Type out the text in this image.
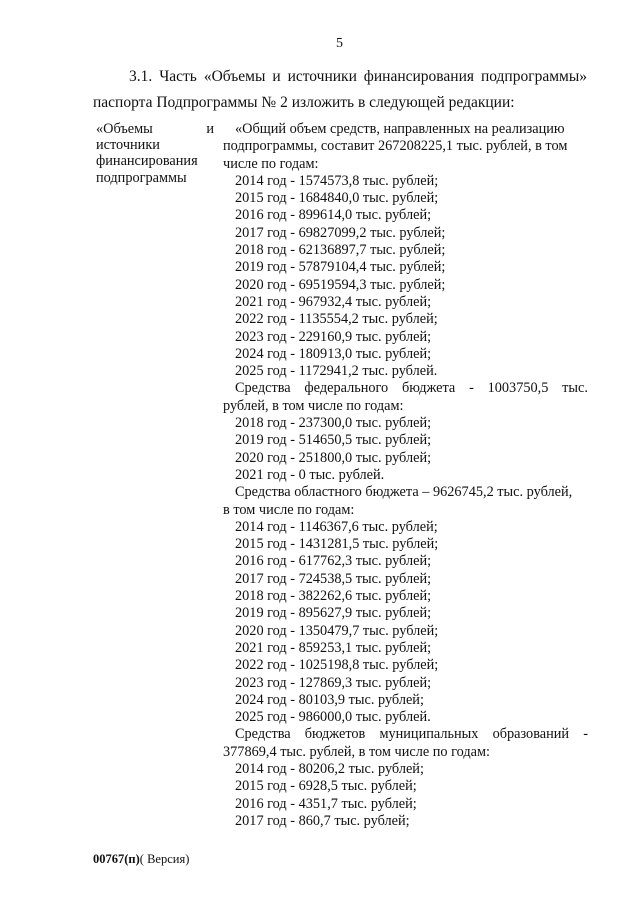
5
3.1. Часть «Объемы и источники финансирования подпрограммы»
паспорта Подпрограммы № 2 изложить в следующей редакции:
«Объемы	и
источники
финансирования
подпрограммы
«Общий объем средств, направленных на реализацию
подпрограммы, составит 267208225,1 тыс. рублей, в том
числе по годам:
2014 год - 1574573,8 тыс. рублей;
2015 год - 1684840,0 тыс. рублей;
2016 год - 899614,0 тыс. рублей;
2017 год - 69827099,2 тыс. рублей;
2018 год - 62136897,7 тыс. рублей;
2019 год - 57879104,4 тыс. рублей;
2020 год - 69519594,3 тыс. рублей;
2021 год - 967932,4 тыс. рублей;
2022 год - 1135554,2 тыс. рублей;
2023 год - 229160,9 тыс. рублей;
2024 год - 180913,0 тыс. рублей;
2025 год - 1172941,2 тыс. рублей.
Средства федерального бюджета - 1003750,5 тыс.
рублей, в том числе по годам:
2018 год - 237300,0 тыс. рублей;
2019 год - 514650,5 тыс. рублей;
2020 год - 251800,0 тыс. рублей;
2021 год - 0 тыс. рублей.
Средства областного бюджета – 9626745,2 тыс. рублей,
в том числе по годам:
2014 год - 1146367,6 тыс. рублей;
2015 год - 1431281,5 тыс. рублей;
2016 год - 617762,3 тыс. рублей;
2017 год - 724538,5 тыс. рублей;
2018 год - 382262,6 тыс. рублей;
2019 год - 895627,9 тыс. рублей;
2020 год - 1350479,7 тыс. рублей;
2021 год - 859253,1 тыс. рублей;
2022 год - 1025198,8 тыс. рублей;
2023 год - 127869,3 тыс. рублей;
2024 год - 80103,9 тыс. рублей;
2025 год - 986000,0 тыс. рублей.
Средства бюджетов муниципальных образований -
377869,4 тыс. рублей, в том числе по годам:
2014 год - 80206,2 тыс. рублей;
2015 год - 6928,5 тыс. рублей;
2016 год - 4351,7 тыс. рублей;
2017 год - 860,7 тыс. рублей;
00767(п)( Версия)
